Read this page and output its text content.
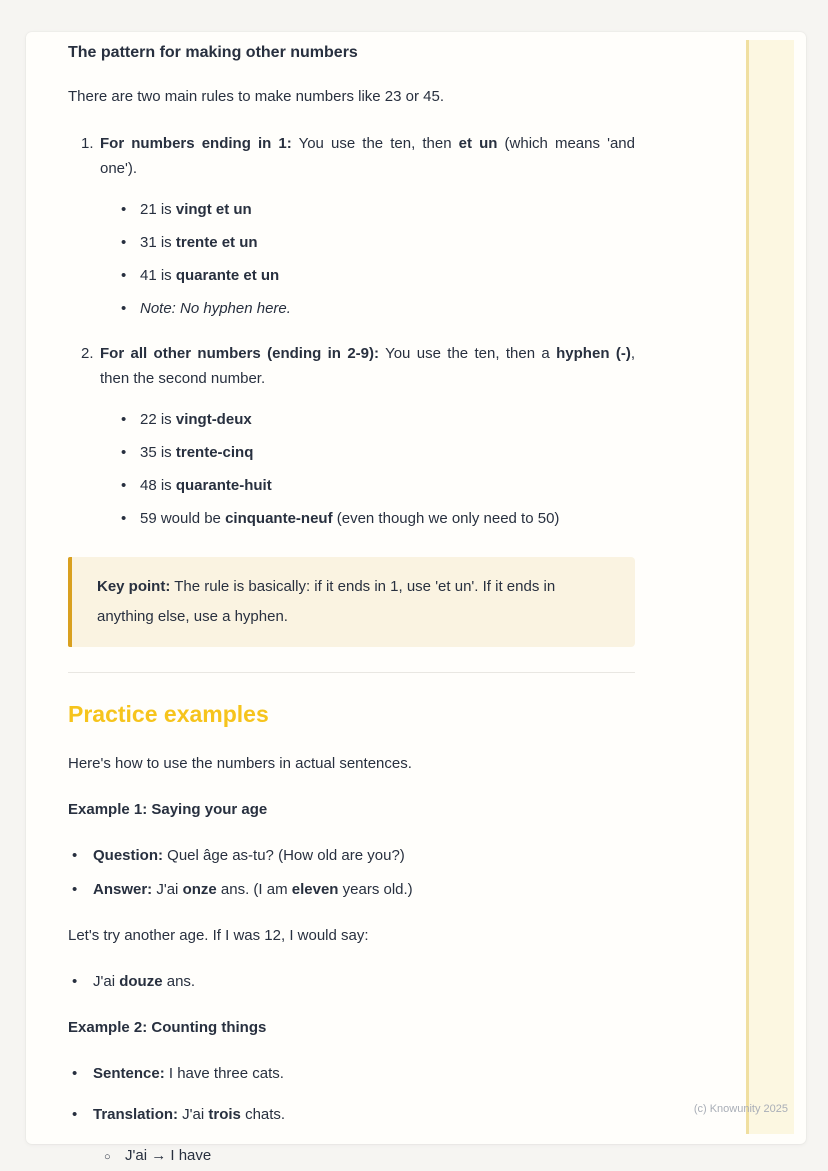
The pattern for making other numbers

There are two main rules to make numbers like 23 or 45.

For numbers ending in 1: You use the ten, then et un (which means 'and one').
• 21 is vingt et un
• 31 is trente et un
• 41 is quarante et un
• Note: No hyphen here.
For all other numbers (ending in 2-9): You use the ten, then a hyphen (-), then the second number.
• 22 is vingt-deux
• 35 is trente-cinq
• 48 is quarante-huit
• 59 would be cinquante-neuf (even though we only need to 50)

Key point: The rule is basically: if it ends in 1, use 'et un'. If it ends in anything else, use a hyphen.

Practice examples

Here's how to use the numbers in actual sentences.

Example 1: Saying your age

• Question: Quel âge as-tu? (How old are you?)
• Answer: J'ai onze ans. (I am eleven years old.)

Let's try another age. If I was 12, I would say:

• J'ai douze ans.

Example 2: Counting things

• Sentence: I have three cats.
• Translation: J'ai trois chats.
○ J'ai → I have
(c) Knowunity 2025
